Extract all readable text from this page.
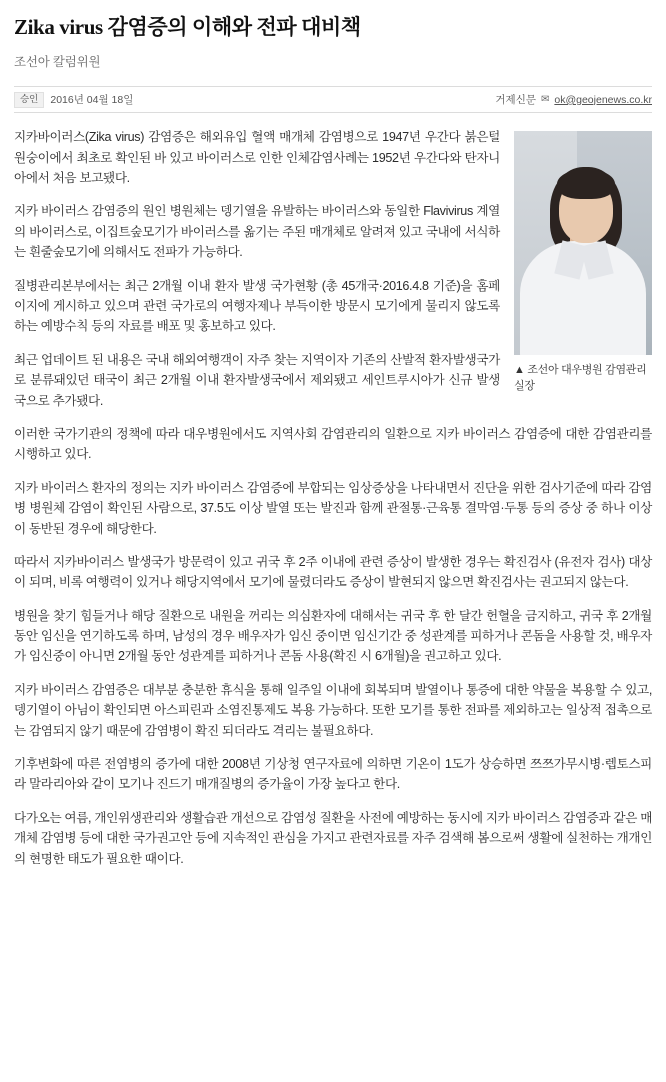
Zika virus 감염증의 이해와 전파 대비책
조선아 칼럼위원
승인	2016년 04월 18일	거제신문 ✉ ok@geojenews.co.kr
▲ 조선아 대우병원 감염관리실장

지카바이러스(Zika virus) 감염증은 해외유입 혈액 매개체 감염병으로 1947년 우간다 붉은털 원숭이에서 최초로 확인된 바 있고 바이러스로 인한 인체감염사례는 1952년 우간다와 탄자니아에서 처음 보고됐다.

지카 바이러스 감염증의 원인 병원체는 뎅기열을 유발하는 바이러스와 동일한 Flavivirus 계열의 바이러스로, 이집트숲모기가 바이러스를 옮기는 주된 매개체로 알려져 있고 국내에 서식하는 흰줄숲모기에 의해서도 전파가 가능하다.

질병관리본부에서는 최근 2개월 이내 환자 발생 국가현황 (총 45개국·2016.4.8 기준)을 홈페이지에 게시하고 있으며 관련 국가로의 여행자제나 부득이한 방문시 모기에게 물리지 않도록 하는 예방수칙 등의 자료를 배포 및 홍보하고 있다.

최근 업데이트 된 내용은 국내 해외여행객이 자주 찾는 지역이자 기존의 산발적 환자발생국가로 분류돼있던 태국이 최근 2개월 이내 환자발생국에서 제외됐고 세인트루시아가 신규 발생국으로 추가됐다.

이러한 국가기관의 정책에 따라 대우병원에서도 지역사회 감염관리의 일환으로 지카 바이러스 감염증에 대한 감염관리를 시행하고 있다.

지카 바이러스 환자의 정의는 지카 바이러스 감염증에 부합되는 임상증상을 나타내면서 진단을 위한 검사기준에 따라 감염병 병원체 감염이 확인된 사람으로, 37.5도 이상 발열 또는 발진과 함께 관절통·근육통 결막염·두통 등의 증상 중 하나 이상이 동반된 경우에 해당한다.

따라서 지카바이러스 발생국가 방문력이 있고 귀국 후 2주 이내에 관련 증상이 발생한 경우는 확진검사 (유전자 검사) 대상이 되며, 비록 여행력이 있거나 해당지역에서 모기에 물렸더라도 증상이 발현되지 않으면 확진검사는 권고되지 않는다.

병원을 찾기 힘들거나 해당 질환으로 내원을 꺼리는 의심환자에 대해서는 귀국 후 한 달간 헌혈을 금지하고, 귀국 후 2개월 동안 임신을 연기하도록 하며, 남성의 경우 배우자가 임신 중이면 임신기간 중 성관계를 피하거나 콘돔을 사용할 것, 배우자가 임신중이 아니면 2개월 동안 성관계를 피하거나 콘돔 사용(확진 시 6개월)을 권고하고 있다.

지카 바이러스 감염증은 대부분 충분한 휴식을 통해 일주일 이내에 회복되며 발열이나 통증에 대한 약물을 복용할 수 있고, 뎅기열이 아님이 확인되면 아스피린과 소염진통제도 복용 가능하다. 또한 모기를 통한 전파를 제외하고는 일상적 접촉으로는 감염되지 않기 때문에 감염병이 확진 되더라도 격리는 불필요하다.

기후변화에 따른 전염병의 증가에 대한 2008년 기상청 연구자료에 의하면 기온이 1도가 상승하면 쯔쯔가무시병·렙토스피라 말라리아와 같이 모기나 진드기 매개질병의 증가율이 가장 높다고 한다.

다가오는 여름, 개인위생관리와 생활습관 개선으로 감염성 질환을 사전에 예방하는 동시에 지카 바이러스 감염증과 같은 매개체 감염병 등에 대한 국가권고안 등에 지속적인 관심을 가지고 관련자료를 자주 검색해 봄으로써 생활에 실천하는 개개인의 현명한 태도가 필요한 때이다.
